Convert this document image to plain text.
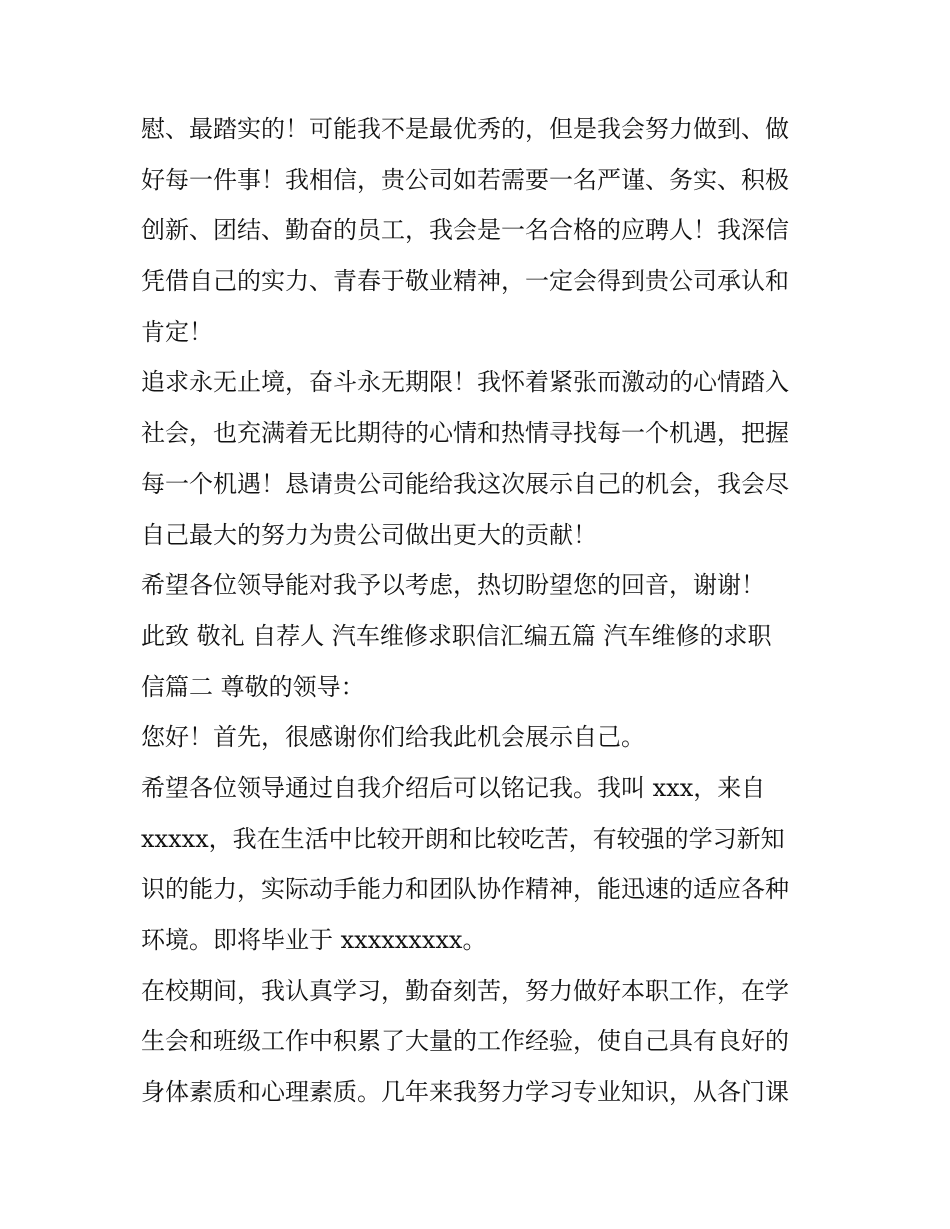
慰、最踏实的！可能我不是最优秀的，但是我会努力做到、做
好每一件事！我相信，贵公司如若需要一名严谨、务实、积极
创新、团结、勤奋的员工，我会是一名合格的应聘人！我深信
凭借自己的实力、青春于敬业精神，一定会得到贵公司承认和
肯定！
追求永无止境，奋斗永无期限！我怀着紧张而激动的心情踏入
社会，也充满着无比期待的心情和热情寻找每一个机遇，把握
每一个机遇！恳请贵公司能给我这次展示自己的机会，我会尽
自己最大的努力为贵公司做出更大的贡献！
希望各位领导能对我予以考虑，热切盼望您的回音，谢谢！
此致 敬礼 自荐人 汽车维修求职信汇编五篇 汽车维修的求职
信篇二 尊敬的领导：
您好！首先，很感谢你们给我此机会展示自己。
希望各位领导通过自我介绍后可以铭记我。我叫 xxx，来自
xxxxx，我在生活中比较开朗和比较吃苦，有较强的学习新知
识的能力，实际动手能力和团队协作精神，能迅速的适应各种
环境。即将毕业于 xxxxxxxxx。
在校期间，我认真学习，勤奋刻苦，努力做好本职工作，在学
生会和班级工作中积累了大量的工作经验，使自己具有良好的
身体素质和心理素质。几年来我努力学习专业知识，从各门课
